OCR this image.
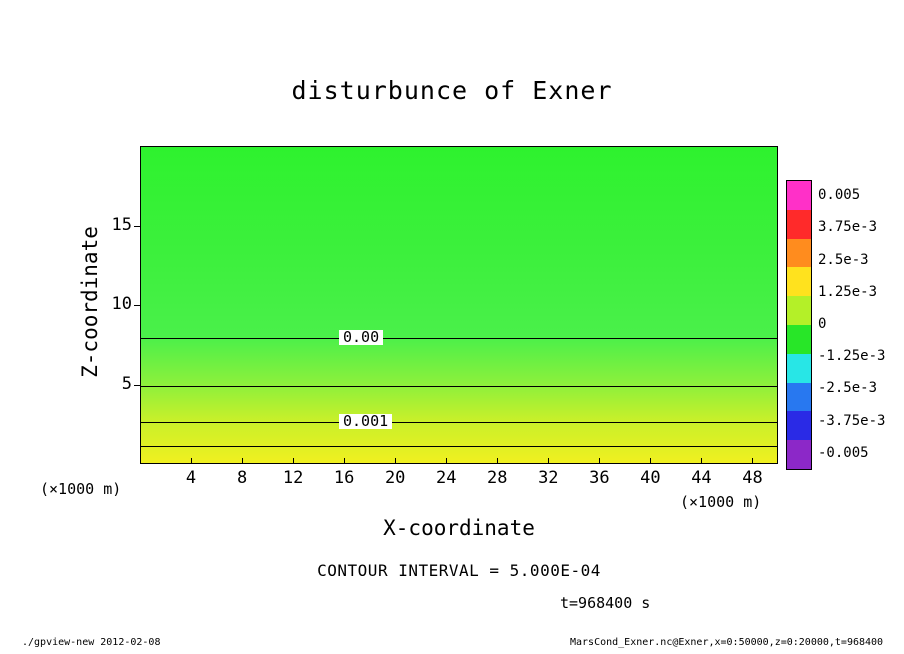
disturbunce of Exner
0.00
0.001
4	8	12	16	20	24	28	32	36	40	44	48
5
10
15
Z-coordinate
X-coordinate
(×1000 m)
(×1000 m)
CONTOUR INTERVAL = 5.000E-04
t=968400 s
0.005
3.75e-3
2.5e-3
1.25e-3
0
-1.25e-3
-2.5e-3
-3.75e-3
-0.005
./gpview-new 2012-02-08	MarsCond_Exner.nc@Exner,x=0:50000,z=0:20000,t=968400
